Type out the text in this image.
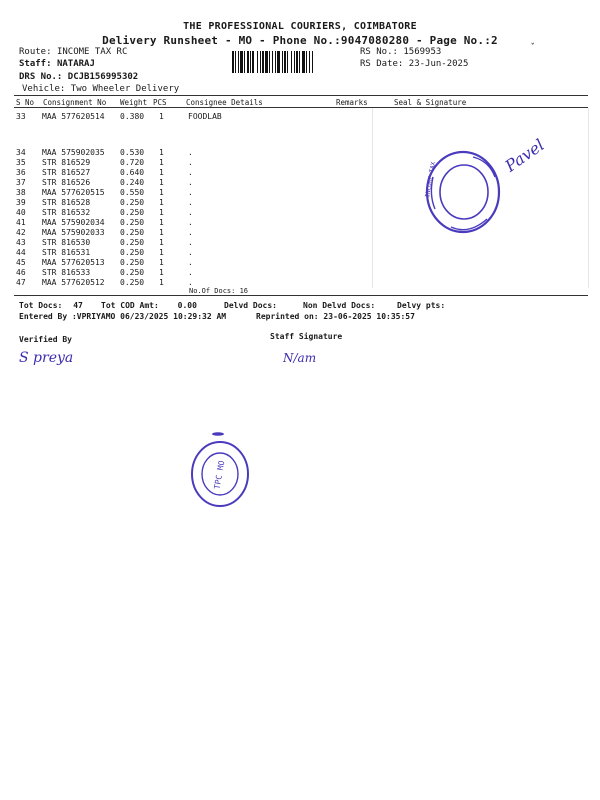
THE PROFESSIONAL COURIERS, COIMBATORE
Delivery Runsheet - MO - Phone No.:9047080280 - Page No.:2
ˇ
Route: INCOME TAX RC
Staff: NATARAJ
DRS No.: DCJB156995302
Vehicle: Two Wheeler Delivery
RS No.: 1569953
RS Date: 23-Jun-2025
S No Consignment No Weight PCS	Consignee Details	Remarks	Seal & Signature
33 MAA 577620514 0.380 1	FOODLAB
34 MAA 575902035 0.530 1	.
35 STR 816529	0.720 1	.
36 STR 816527	0.640 1	.
37 STR 816526	0.240 1	.
38 MAA 577620515 0.550 1	.
39 STR 816528	0.250 1	.
40 STR 816532	0.250 1	.
41 MAA 575902034 0.250 1	.
42 MAA 575902033 0.250 1	.
43 STR 816530	0.250 1	.
44 STR 816531	0.250 1	.
45 MAA 577620513 0.250 1	.
46 STR 816533	0.250 1	.
47 MAA 577620512 0.250 1	.
No.Of Docs: 16
Tot Docs: 47 Tot COD Amt: 0.00	Delvd Docs:	Non Delvd Docs:	Delvy pts:
Entered By :VPRIYAMO 06/23/2025 10:29:32 AM	Reprinted on: 23-06-2025 10:35:57
Verified By	Staff Signature
S preya	N/am
Pavel
INCOME TAX
TPC MO
